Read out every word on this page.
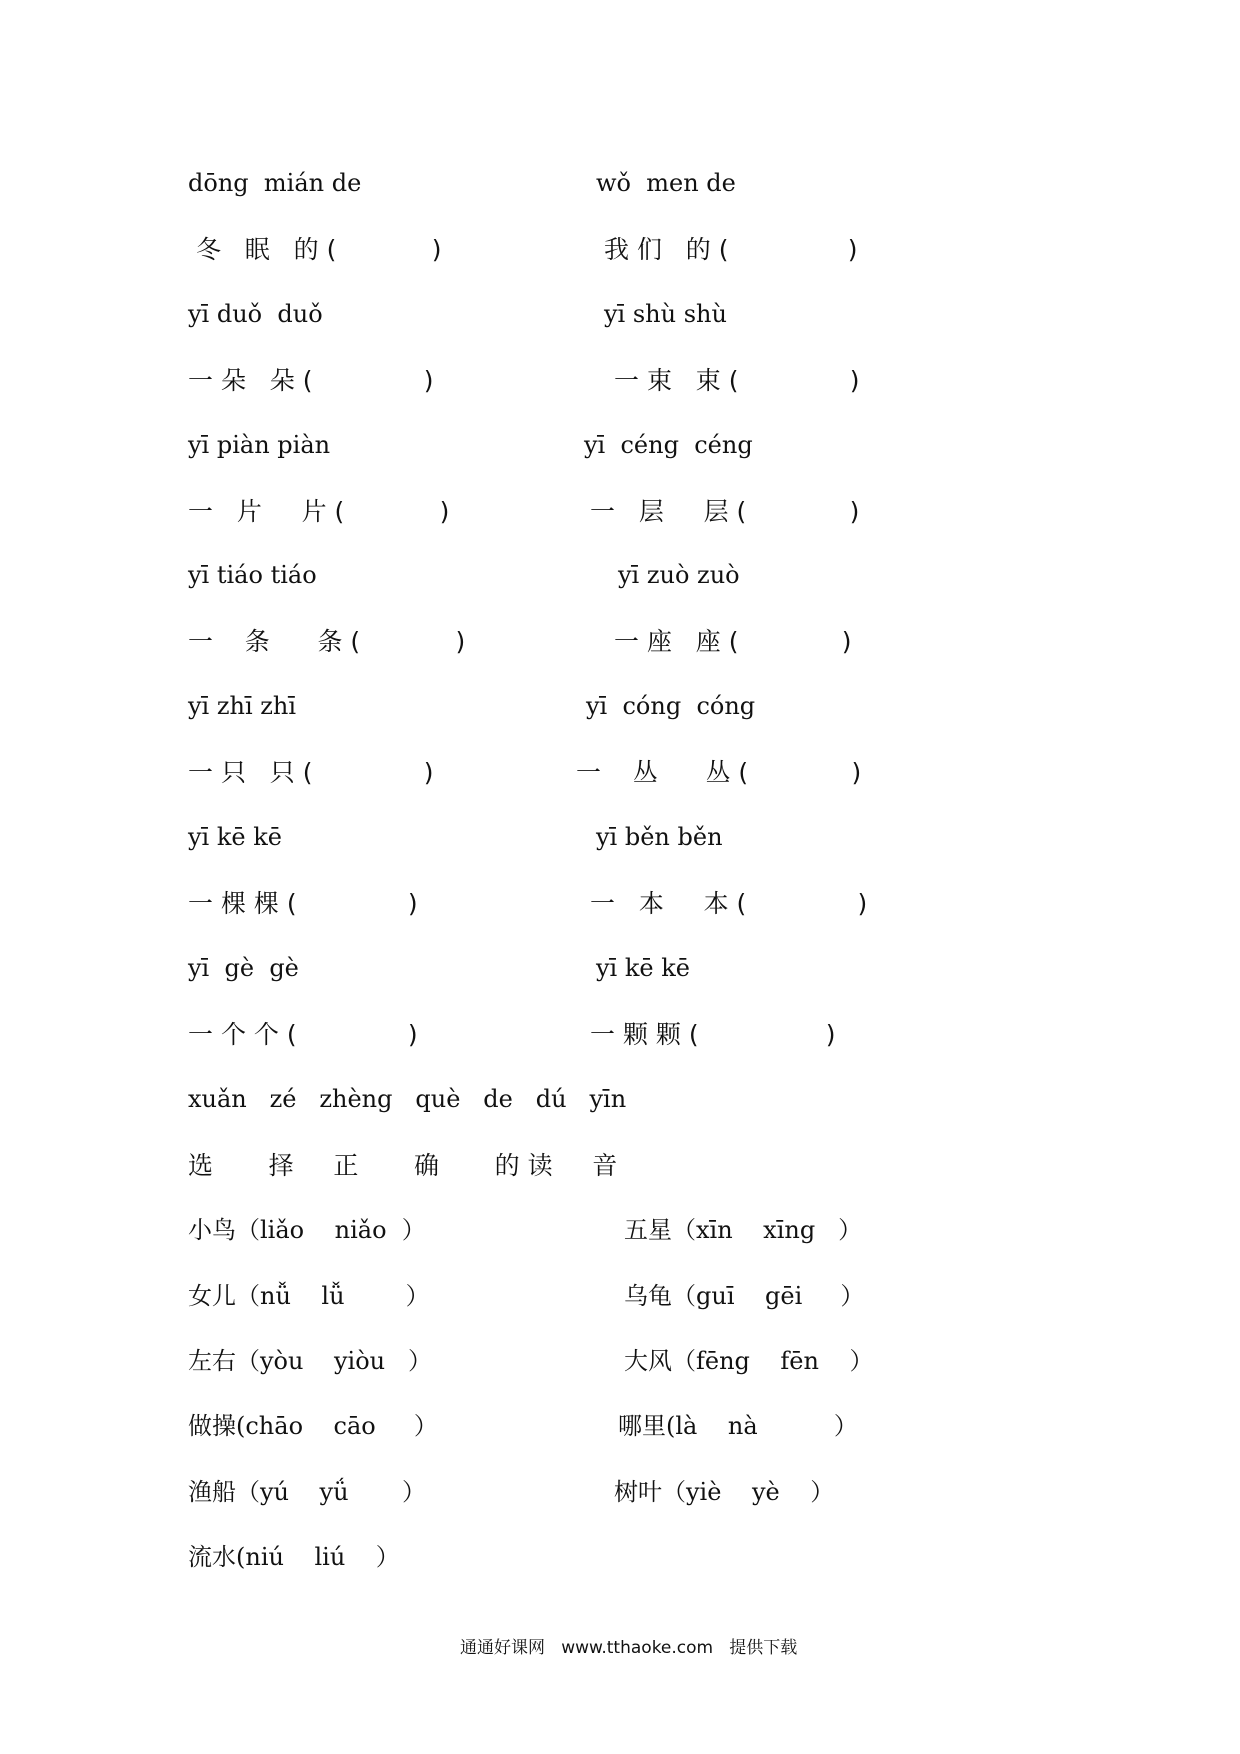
dōng  mián de	wǒ  men de
冬   眠   的 (            )	我 们   的 (               )
yī duǒ  duǒ	yī shù shù
一 朵   朵 (              )	一 束   束 (              )
yī piàn piàn	yī  céng  céng
一   片     片 (            )	一   层     层 (             )
yī tiáo tiáo	yī zuò zuò
一    条      条 (            )	一 座   座 (             )
yī zhī zhī	yī  cóng  cóng
一 只   只 (              )	一    丛      丛 (             )
yī kē kē	yī běn běn
一 棵 棵 (              )	一   本     本 (              )
yī  gè  gè	yī kē kē
一 个 个 (              )	一 颗 颗 (                )
xuǎn   zé   zhèng   què   de   dú   yīn
选       择     正       确       的 读     音
小鸟（liǎo    niǎo  ）	五星（xīn    xīng   ）
女儿（nǚ    lǚ        ）	乌龟（guī    gēi     ）
左右（yòu    yiòu   ）	大风（fēng    fēn    ）
做操(chāo    cāo     ）	哪里(là    nà          ）
渔船（yú    yǘ       ）	树叶（yiè    yè    ）
流水(niú    liú    ）
通通好课网   www.tthaoke.com   提供下载
